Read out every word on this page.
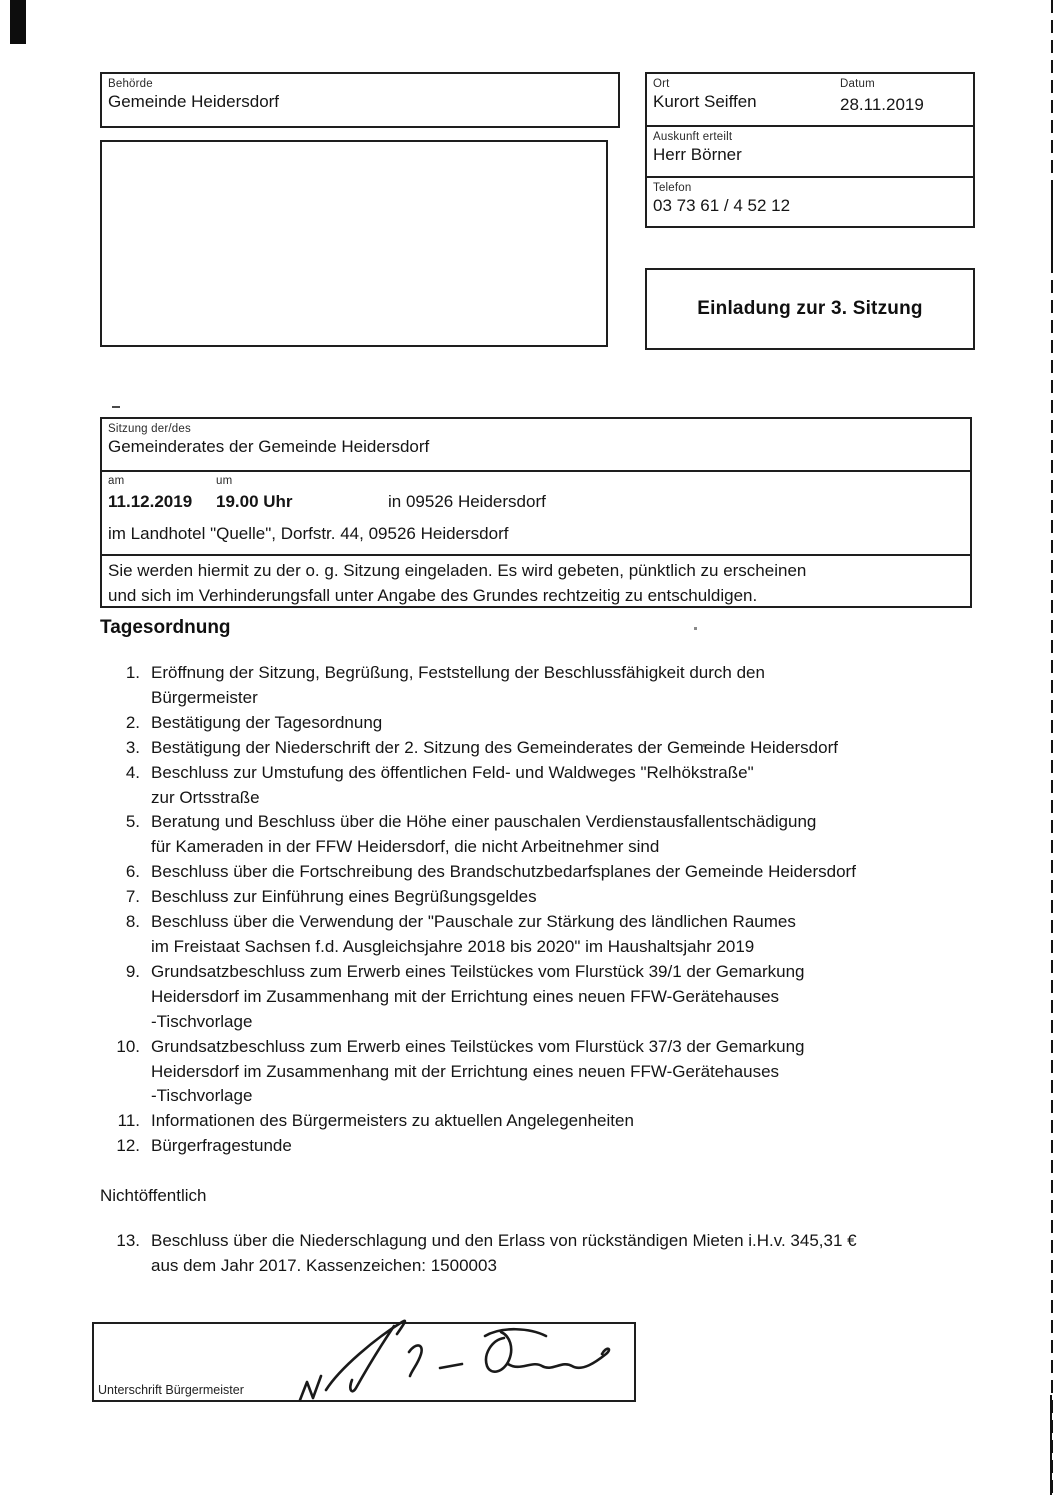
Behörde
Gemeinde Heidersdorf
Ort
Kurort Seiffen
Datum
28.11.2019
Auskunft erteilt
Herr Börner
Telefon
03 73 61 / 4 52 12
Einladung zur 3. Sitzung
Sitzung der/des
Gemeinderates der Gemeinde Heidersdorf
am	um
11.12.2019 19.00 Uhr	in 09526 Heidersdorf
im Landhotel "Quelle", Dorfstr. 44, 09526 Heidersdorf
Sie werden hiermit zu der o. g. Sitzung eingeladen. Es wird gebeten, pünktlich zu erscheinen
und sich im Verhinderungsfall unter Angabe des Grundes rechtzeitig zu entschuldigen.
Tagesordnung
1. Eröffnung der Sitzung, Begrüßung, Feststellung der Beschlussfähigkeit durch den
Bürgermeister
2. Bestätigung der Tagesordnung
3. Bestätigung der Niederschrift der 2. Sitzung des Gemeinderates der Gemeinde Heidersdorf
4. Beschluss zur Umstufung des öffentlichen Feld- und Waldweges "Relhökstraße"
zur Ortsstraße
5. Beratung und Beschluss über die Höhe einer pauschalen Verdienstausfallentschädigung
für Kameraden in der FFW Heidersdorf, die nicht Arbeitnehmer sind
6. Beschluss über die Fortschreibung des Brandschutzbedarfsplanes der Gemeinde Heidersdorf
7. Beschluss zur Einführung eines Begrüßungsgeldes
8. Beschluss über die Verwendung der "Pauschale zur Stärkung des ländlichen Raumes
im Freistaat Sachsen f.d. Ausgleichsjahre 2018 bis 2020" im Haushaltsjahr 2019
9. Grundsatzbeschluss zum Erwerb eines Teilstückes vom Flurstück 39/1 der Gemarkung
Heidersdorf im Zusammenhang mit der Errichtung eines neuen FFW-Gerätehauses
-Tischvorlage
10. Grundsatzbeschluss zum Erwerb eines Teilstückes vom Flurstück 37/3 der Gemarkung
Heidersdorf im Zusammenhang mit der Errichtung eines neuen FFW-Gerätehauses
-Tischvorlage
11. Informationen des Bürgermeisters zu aktuellen Angelegenheiten
12. Bürgerfragestunde
Nichtöffentlich
13. Beschluss über die Niederschlagung und den Erlass von rückständigen Mieten i.H.v. 345,31 €
aus dem Jahr 2017. Kassenzeichen: 1500003
Unterschrift Bürgermeister
